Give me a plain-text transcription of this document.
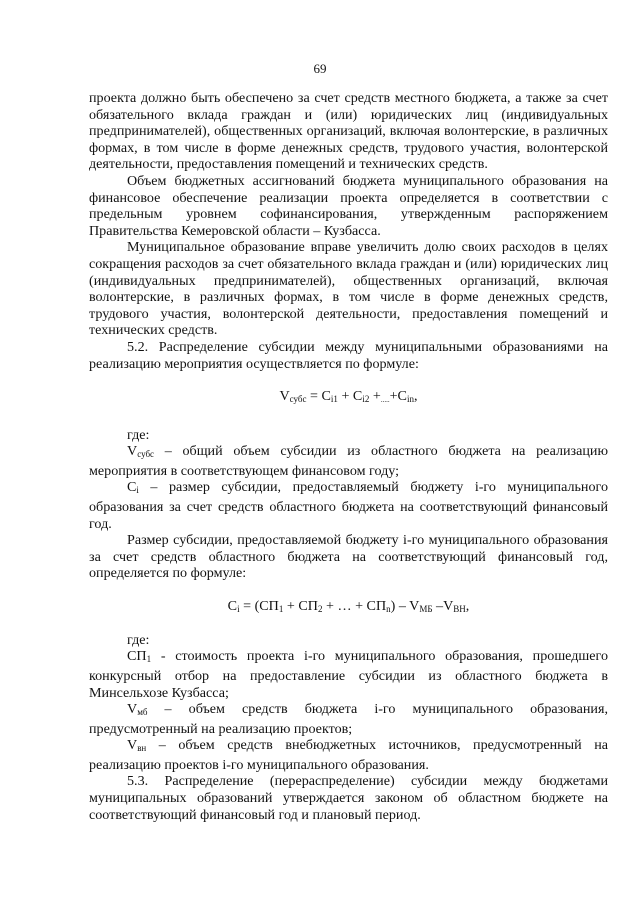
69

проекта должно быть обеспечено за счет средств местного бюджета, а также за счет обязательного вклада граждан и (или) юридических лиц (индивидуальных предпринимателей), общественных организаций, включая волонтерские, в различных формах, в том числе в форме денежных средств, трудового участия, волонтерской деятельности, предоставления помещений и технических средств.

Объем бюджетных ассигнований бюджета муниципального образования на финансовое обеспечение реализации проекта определяется в соответствии с предельным уровнем софинансирования, утвержденным распоряжением Правительства Кемеровской области – Кузбасса.

Муниципальное образование вправе увеличить долю своих расходов в целях сокращения расходов за счет обязательного вклада граждан и (или) юридических лиц (индивидуальных предпринимателей), общественных организаций, включая волонтерские, в различных формах, в том числе в форме денежных средств, трудового участия, волонтерской деятельности, предоставления помещений и технических средств.

5.2. Распределение субсидии между муниципальными образованиями на реализацию мероприятия осуществляется по формуле:

$V_{субс} = C_{i1} + C_{i2} +.....+C_{in}$,

где:

$V_{субс}$ – общий объем субсидии из областного бюджета на реализацию мероприятия в соответствующем финансовом году;

$C_i$ – размер субсидии, предоставляемый бюджету i-го муниципального образования за счет средств областного бюджета на соответствующий финансовый год.

Размер субсидии, предоставляемой бюджету i-го муниципального образования за счет средств областного бюджета на соответствующий финансовый год, определяется по формуле:

$C_i = (СП_1 + СП_2$ + … + $СП_n) - V_{МБ}$ $-V_{ВН}$,

где:

$СП_1$ - стоимость проекта i-го муниципального образования, прошедшего конкурсный отбор на предоставление субсидии из областного бюджета в Минсельхозе Кузбасса;

$V_{мб}$ – объем средств бюджета i-го муниципального образования, предусмотренный на реализацию проектов;

$V_{вн}$ – объем средств внебюджетных источников, предусмотренный на реализацию проектов i-го муниципального образования.

5.3. Распределение (перераспределение) субсидии между бюджетами муниципальных образований утверждается законом об областном бюджете на соответствующий финансовый год и плановый период.
